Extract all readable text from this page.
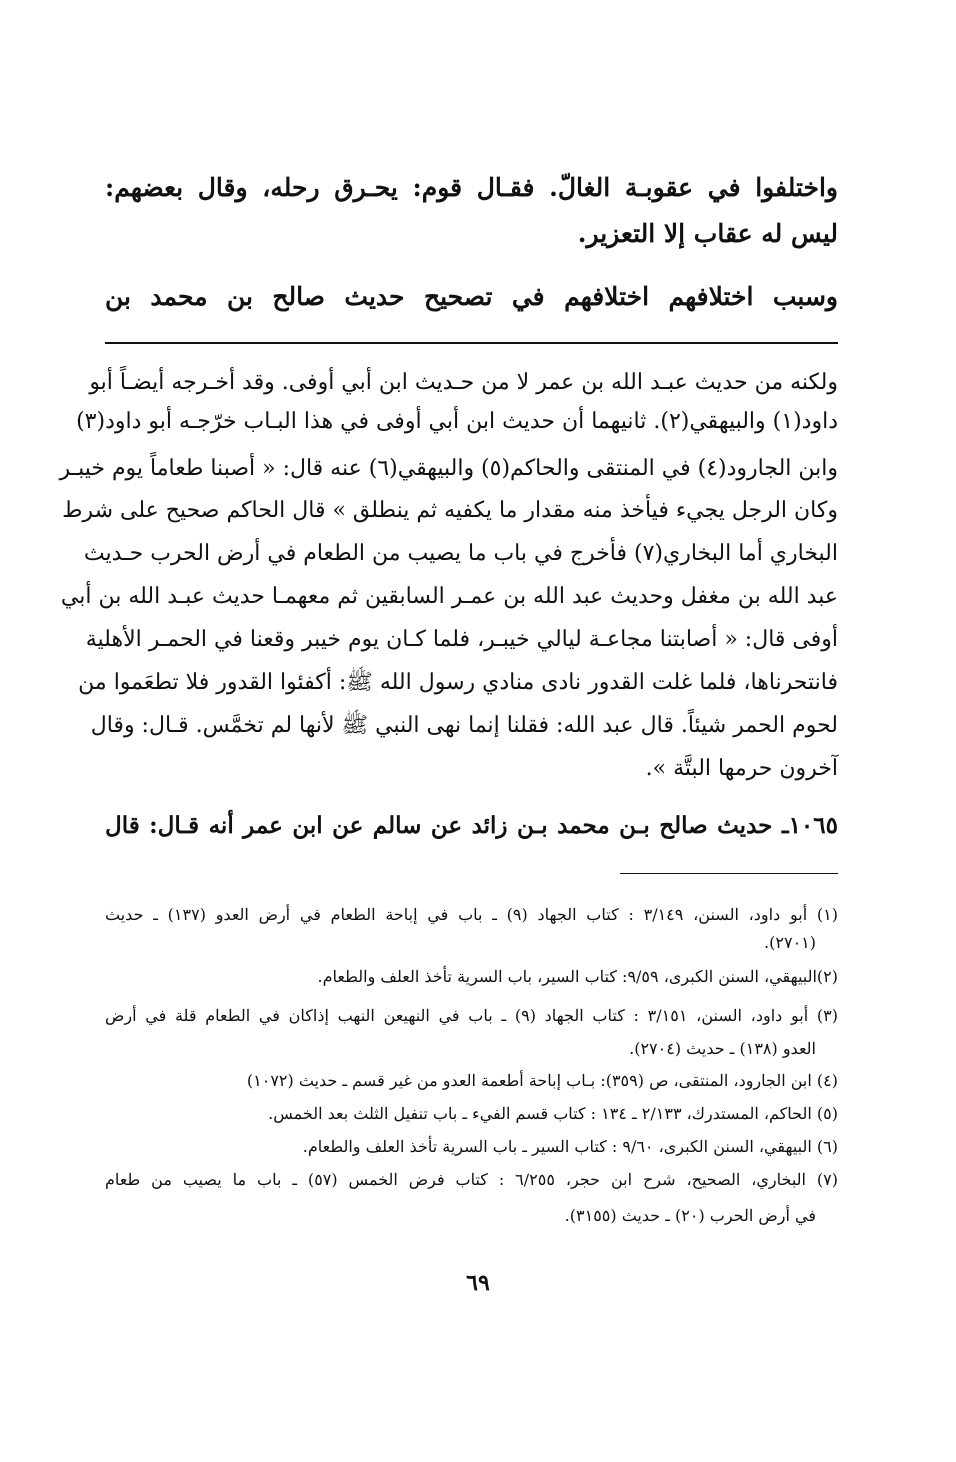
واختلفوا في عقوبـة الغالّ. فقـال قوم: يحـرق رحله، وقال بعضهم:
ليس له عقاب إلا التعزير.
وسبب اختلافهم اختلافهم في تصحيح حديث صالح بن محمد بن
ولكنه من حديث عبـد الله بن عمر لا من حـديث ابن أبي أوفى. وقد أخـرجه أيضـاً أبو
داود(١) والبيهقي(٢). ثانيهما أن حديث ابن أبي أوفى في هذا البـاب خرّجـه أبو داود(٣)
وابن الجارود(٤) في المنتقى والحاكم(٥) والبيهقي(٦) عنه قال: « أصبنا طعاماً يوم خيبـر
وكان الرجل يجيء فيأخذ منه مقدار ما يكفيه ثم ينطلق » قال الحاكم صحيح على شرط
البخاري أما البخاري(٧) فأخرج في باب ما يصيب من الطعام في أرض الحرب حـديث
عبد الله بن مغفل وحديث عبد الله بن عمـر السابقين ثم معهمـا حديث عبـد الله بن أبي
أوفى قال: « أصابتنا مجاعـة ليالي خيبـر، فلما كـان يوم خيبر وقعنا في الحمـر الأهلية
فانتحرناها، فلما غلت القدور نادى منادي رسول الله ﷺ: أكفئوا القدور فلا تطعَموا من
لحوم الحمر شيئاً. قال عبد الله: فقلنا إنما نهى النبي ﷺ لأنها لم تخمَّس. قـال: وقال
آخرون حرمها البتَّة ».
١٠٦٥ـ حديث صالح بـن محمد بـن زائد عن سالم عن ابن عمر أنه قـال: قال
(١) أبو داود، السنن، ٣/١٤٩ : كتاب الجهاد (٩) ـ باب في إباحة الطعام في أرض العدو (١٣٧) ـ حديث
(٢٧٠١).
(٢)البيهقي، السنن الكبرى، ٩/٥٩: كتاب السير، باب السرية تأخذ العلف والطعام.
(٣) أبو داود، السنن، ٣/١٥١ : كتاب الجهاد (٩) ـ باب في النهيعن النهب إذاكان في الطعام قلة في أرض
العدو (١٣٨) ـ حديث (٢٧٠٤).
(٤) ابن الجارود، المنتقى، ص (٣٥٩): بـاب إباحة أطعمة العدو من غير قسم ـ حديث (١٠٧٢)
(٥) الحاكم، المستدرك، ٢/١٣٣ ـ ١٣٤ : كتاب قسم الفيء ـ باب تنفيل الثلث بعد الخمس.
(٦) البيهقي، السنن الكبرى، ٩/٦٠ : كتاب السير ـ باب السرية تأخذ العلف والطعام.
(٧) البخاري، الصحيح، شرح ابن حجر، ٦/٢٥٥ : كتاب فرض الخمس (٥٧) ـ باب ما يصيب من طعام
في أرض الحرب (٢٠) ـ حديث (٣١٥٥).
٦٩
